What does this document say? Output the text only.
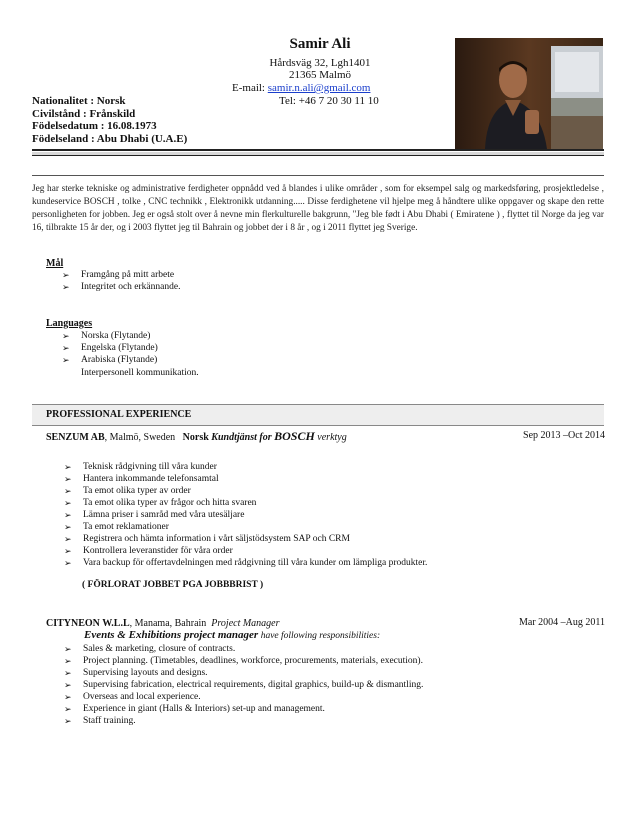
Samir Ali
Hårdsväg 32, Lgh1401
21365 Malmö
E-mail: samir.n.ali@gmail.com
Tel: +46 7 20 30 11 10
Nationalitet : Norsk
Civilstånd : Frånskild
Födelsedatum : 16.08.1973
Födelseland : Abu Dhabi (U.A.E)
Jeg har sterke tekniske og administrative ferdigheter oppnådd ved å blandes i ulike områder , som for eksempel salg og markedsføring, prosjektledelse , kundeservice BOSCH , tolke , CNC technikk , Elektronikk utdanning..... Disse ferdighetene vil hjelpe meg å håndtere ulike oppgaver og skape den rette personligheten for jobben. Jeg er også stolt over å nevne min flerkulturelle bakgrunn, "Jeg ble født i Abu Dhabi ( Emiratene ) , flyttet til Norge da jeg var 16, tilbrakte 15 år der, og i 2003 flyttet jeg til Bahrain og jobbet der i 8 år , og i 2011 flyttet jeg Sverige.
Mål
➢ Framgång på mitt arbete
➢ Integritet och erkännande.
Languages
➢ Norska (Flytande)
➢ Engelska (Flytande)
➢ Arabiska (Flytande)
Interpersonell kommunikation.
PROFESSIONAL EXPERIENCE
SENZUM AB, Malmö, Sweden Norsk Kundtjänst for BOSCH verktyg	Sep 2013 –Oct 2014
➢ Teknisk rådgivning till våra kunder
➢ Hantera inkommande telefonsamtal
➢ Ta emot olika typer av order
➢ Ta emot olika typer av frågor och hitta svaren
➢ Lämna priser i samråd med våra utesäljare
➢ Ta emot reklamationer
➢ Registrera och hämta information i vårt säljstödsystem SAP och CRM
➢ Kontrollera leveranstider för våra order
➢ Vara backup för offertavdelningen med rådgivning till våra kunder om lämpliga produkter.
( FÖRLORAT JOBBET PGA JOBBBRIST )
CITYNEON W.L.L, Manama, Bahrain Project Manager	Mar 2004 –Aug 2011
Events & Exhibitions project manager have following responsibilities:
➢ Sales & marketing, closure of contracts.
➢ Project planning. (Timetables, deadlines, workforce, procurements, materials, execution).
➢ Supervising layouts and designs.
➢ Supervising fabrication, electrical requirements, digital graphics, build-up & dismantling.
➢ Overseas and local experience.
➢ Experience in giant (Halls & Interiors) set-up and management.
➢ Staff training.
